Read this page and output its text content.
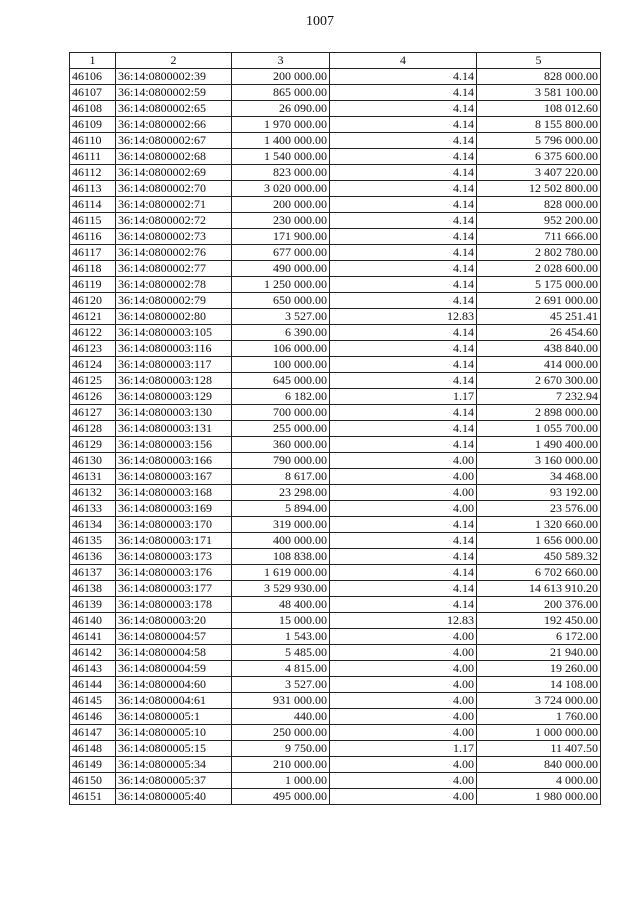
1007
1	2	3	4	5
46106	36:14:0800002:39	200 000.00	4.14	828 000.00
46107	36:14:0800002:59	865 000.00	4.14	3 581 100.00
46108	36:14:0800002:65	26 090.00	4.14	108 012.60
46109	36:14:0800002:66	1 970 000.00	4.14	8 155 800.00
46110	36:14:0800002:67	1 400 000.00	4.14	5 796 000.00
46111	36:14:0800002:68	1 540 000.00	4.14	6 375 600.00
46112	36:14:0800002:69	823 000.00	4.14	3 407 220.00
46113	36:14:0800002:70	3 020 000.00	4.14	12 502 800.00
46114	36:14:0800002:71	200 000.00	4.14	828 000.00
46115	36:14:0800002:72	230 000.00	4.14	952 200.00
46116	36:14:0800002:73	171 900.00	4.14	711 666.00
46117	36:14:0800002:76	677 000.00	4.14	2 802 780.00
46118	36:14:0800002:77	490 000.00	4.14	2 028 600.00
46119	36:14:0800002:78	1 250 000.00	4.14	5 175 000.00
46120	36:14:0800002:79	650 000.00	4.14	2 691 000.00
46121	36:14:0800002:80	3 527.00	12.83	45 251.41
46122	36:14:0800003:105	6 390.00	4.14	26 454.60
46123	36:14:0800003:116	106 000.00	4.14	438 840.00
46124	36:14:0800003:117	100 000.00	4.14	414 000.00
46125	36:14:0800003:128	645 000.00	4.14	2 670 300.00
46126	36:14:0800003:129	6 182.00	1.17	7 232.94
46127	36:14:0800003:130	700 000.00	4.14	2 898 000.00
46128	36:14:0800003:131	255 000.00	4.14	1 055 700.00
46129	36:14:0800003:156	360 000.00	4.14	1 490 400.00
46130	36:14:0800003:166	790 000.00	4.00	3 160 000.00
46131	36:14:0800003:167	8 617.00	4.00	34 468.00
46132	36:14:0800003:168	23 298.00	4.00	93 192.00
46133	36:14:0800003:169	5 894.00	4.00	23 576.00
46134	36:14:0800003:170	319 000.00	4.14	1 320 660.00
46135	36:14:0800003:171	400 000.00	4.14	1 656 000.00
46136	36:14:0800003:173	108 838.00	4.14	450 589.32
46137	36:14:0800003:176	1 619 000.00	4.14	6 702 660.00
46138	36:14:0800003:177	3 529 930.00	4.14	14 613 910.20
46139	36:14:0800003:178	48 400.00	4.14	200 376.00
46140	36:14:0800003:20	15 000.00	12.83	192 450.00
46141	36:14:0800004:57	1 543.00	4.00	6 172.00
46142	36:14:0800004:58	5 485.00	4.00	21 940.00
46143	36:14:0800004:59	4 815.00	4.00	19 260.00
46144	36:14:0800004:60	3 527.00	4.00	14 108.00
46145	36:14:0800004:61	931 000.00	4.00	3 724 000.00
46146	36:14:0800005:1	440.00	4.00	1 760.00
46147	36:14:0800005:10	250 000.00	4.00	1 000 000.00
46148	36:14:0800005:15	9 750.00	1.17	11 407.50
46149	36:14:0800005:34	210 000.00	4.00	840 000.00
46150	36:14:0800005:37	1 000.00	4.00	4 000.00
46151	36:14:0800005:40	495 000.00	4.00	1 980 000.00
